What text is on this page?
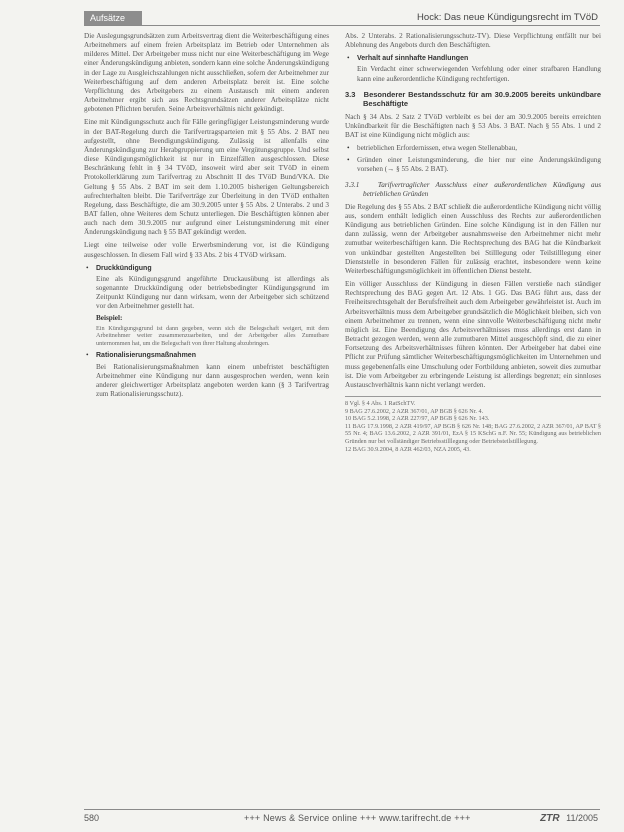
Aufsätze	Hock: Das neue Kündigungsrecht im TVöD

Die Auslegungsgrundsätzen zum Arbeitsvertrag dient die Weiterbeschäftigung eines Arbeitnehmers auf einem freien Arbeitsplatz im Betrieb oder Unternehmen als milderes Mittel. Der Arbeitgeber muss nicht nur eine Weiterbeschäftigung im Wege einer Änderungskündigung anbieten, sondern kann eine solche Änderungskündigung in der Lage zu Ausgleichszahlungen nicht ausschließen, sofern der Arbeitnehmer zur Weiterbeschäftigung auf dem anderen Arbeitsplatz bereit ist. Eine solche Verpflichtung des Arbeitgebers zu einem Austausch mit einem anderen Arbeitnehmer ergibt sich aus Rechtsgrundsätzen anderer Arbeitsplätze nicht gebotenen Pflichten berufen. Seine Arbeitsverhältnis nicht gekündigt.

Eine mit Kündigungsschutz auch für Fälle geringfügiger Leistungsminderung wurde in der BAT-Regelung durch die Tarifvertragsparteien mit § 55 Abs. 2 BAT neu aufgestellt, ohne Beendigungskündigung. Zulässig ist allenfalls eine Änderungskündigung zur Herabgruppierung um eine Vergütungsgruppe. Und selbst diese Kündigungsmöglichkeit ist nur in Einzelfällen ausgeschlossen. Diese Beschränkung fehlt in § 34 TVöD, insoweit wird aber seit TVöD in einem Protokollerklärung zum Tarifvertrag zu Abschnitt II des TVöD Bund/VKA. Die Geltung § 55 Abs. 2 BAT im seit dem 1.10.2005 bisherigen Geltungsbereich aufrechterhalten bleibt. Die Tarifverträge zur Überleitung in den TVöD enthalten Regelung, dass Beschäftigte, die am 30.9.2005 unter § 55 Abs. 2 Unterabs. 2 und 3 BAT fallen, ohne Weiteres dem Schutz unterliegen. Die Beschäftigten können aber auch nach dem 30.9.2005 nur aufgrund einer Leistungsminderung mit einer Änderungskündigung nach § 55 BAT gekündigt werden.

Liegt eine teilweise oder volle Erwerbsminderung vor, ist die Kündigung ausgeschlossen. In diesem Fall wird § 33 Abs. 2 bis 4 TVöD wirksam.

• Druckkündigung

Eine als Kündigungsgrund angeführte Druckausübung ist allerdings als sogenannte Druckkündigung oder betriebsbedingter Kündigungsgrund im Zeitpunkt Kündigung nur dann wirksam, wenn der Arbeitgeber sich schützend vor den Arbeitnehmer gestellt hat.

Beispiel:

Ein Kündigungsgrund ist dann gegeben, wenn sich die Belegschaft weigert, mit dem Arbeitnehmer weiter zusammenzuarbeiten, und der Arbeitgeber alles Zumutbare unternommen hat, um die Belegschaft von ihrer Haltung abzubringen.

• Rationalisierungsmaßnahmen

Bei Rationalisierungsmaßnahmen kann einem unbefristet beschäftigten Arbeitnehmer eine Kündigung nur dann ausgesprochen werden, wenn kein anderer gleichwertiger Arbeitsplatz angeboten werden kann (§ 3 Tarifvertrag zum Rationalisierungsschutz).

Abs. 2 Unterabs. 2 Rationalisierungsschutz-TV). Diese Verpflichtung entfällt nur bei Ablehnung des Angebots durch den Beschäftigten.

• Verhalt auf sinnhafte Handlungen

Ein Verdacht einer schwerwiegenden Verfehlung oder einer strafbaren Handlung kann eine außerordentliche Kündigung rechtfertigen.

3.3 Besonderer Bestandsschutz für am 30.9.2005 bereits unkündbare Beschäftigte

Nach § 34 Abs. 2 Satz 2 TVöD verbleibt es bei der am 30.9.2005 bereits erreichten Unkündbarkeit für die Beschäftigten nach § 53 Abs. 3 BAT. Nach § 55 Abs. 1 und 2 BAT ist eine Kündigung nicht möglich aus:

• betrieblichen Erfordernissen, etwa wegen Stellenabbau,
• Gründen einer Leistungsminderung, die hier nur eine Änderungskündigung vorsehen (→ § 55 Abs. 2 BAT).
3.3.1	Tarifvertraglicher Ausschluss einer außerordentlichen Kündigung aus betrieblichen Gründen

Die Regelung des § 55 Abs. 2 BAT schließt die außerordentliche Kündigung nicht völlig aus, sondern enthält lediglich einen Ausschluss des Rechts zur außerordentlichen Kündigung aus betrieblichen Gründen. Eine solche Kündigung ist in den Fällen nur dann zulässig, wenn der Arbeitgeber ausnahmsweise den Arbeitnehmer nicht mehr zumutbar weiterbeschäftigen kann. Die Rechtsprechung des BAG hat die Kündbarkeit von unkündbar gestellten Angestellten bei Stilllegung oder Teilstilllegung einer Dienststelle in besonderen Fällen für zulässig erachtet, insbesondere wenn keine Weiterbeschäftigungsmöglichkeit im öffentlichen Dienst besteht.

Ein völliger Ausschluss der Kündigung in diesen Fällen verstieße nach ständiger Rechtsprechung des BAG gegen Art. 12 Abs. 1 GG. Das BAG führt aus, dass der Freiheitsrechtsgehalt der Berufsfreiheit auch dem Arbeitgeber gewährleistet ist. Auch im Arbeitsverhältnis muss dem Arbeitgeber grundsätzlich die Möglichkeit bleiben, sich von einem Arbeitnehmer zu trennen, wenn eine sinnvolle Weiterbeschäftigung nicht mehr möglich ist. Eine Beendigung des Arbeitsverhältnisses muss allerdings erst dann in Betracht gezogen werden, wenn alle zumutbaren Mittel ausgeschöpft sind, die zu einer Fortsetzung des Arbeitsverhältnisses führen könnten. Der Arbeitgeber hat dabei eine Pflicht zur Prüfung sämtlicher Weiterbeschäftigungsmöglichkeiten im Unternehmen und muss gegebenenfalls eine Umschulung oder Fortbildung anbieten, soweit dies zumutbar ist. Die vom Arbeitgeber zu erbringende Leistung ist allerdings begrenzt; ein sinnloses Austauschverhältnis kann nicht verlangt werden.

8 Vgl. § 4 Abs. 1 RatSchTV.

9 BAG 27.6.2002, 2 AZR 367/01, AP BGB § 626 Nr. 4.

10 BAG 5.2.1998, 2 AZR 227/97, AP BGB § 626 Nr. 143.

11 BAG 17.9.1998, 2 AZR 419/97, AP BGB § 626 Nr. 148; BAG 27.6.2002, 2 AZR 367/01, AP BAT § 55 Nr. 4; BAG 13.6.2002, 2 AZR 391/01, EzA § 15 KSchG n.F. Nr. 55; Kündigung aus betrieblichen Gründen nur bei vollständiger Betriebsstilllegung oder Betriebsteilstilllegung.

12 BAG 30.9.2004, 8 AZR 462/03, NZA 2005, 43.

580	+++ News & Service online +++ www.tarifrecht.de +++	ZTR 11/2005
